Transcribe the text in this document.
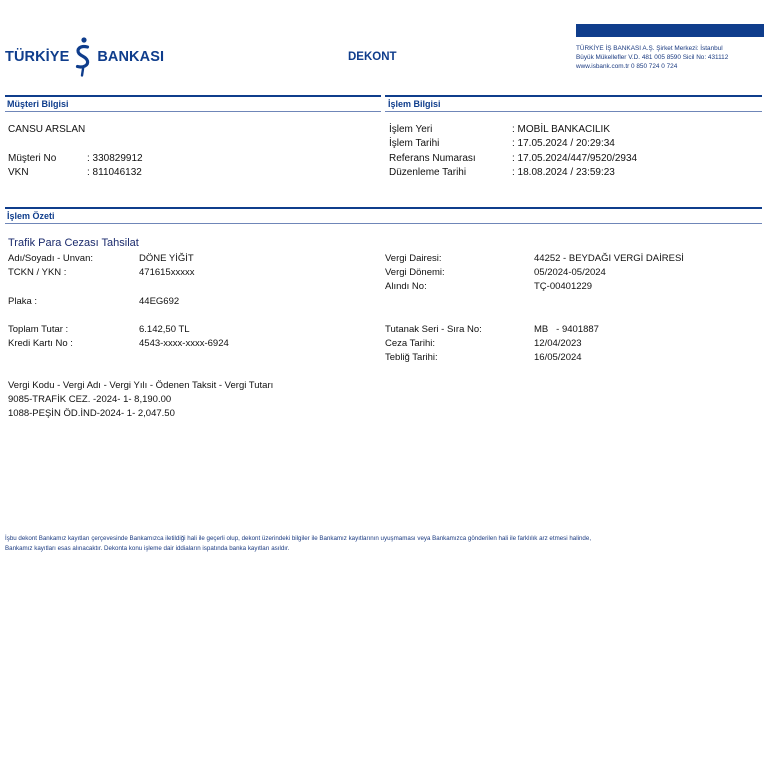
TÜRKİYE BANKASI	DEKONT
TÜRKİYE İŞ BANKASI A.Ş. Şirket Merkezi: İstanbul
Büyük Mükellefler V.D. 481 005 8590 Sicil No: 431112
www.isbank.com.tr 0 850 724 0 724
Müşteri Bilgisi
CANSU ARSLAN
Müşteri No	: 330829912
VKN	: 811046132
İşlem Bilgisi
İşlem Yeri	: MOBİL BANKACILIK
İşlem Tarihi	: 17.05.2024 / 20:29:34
Referans Numarası	: 17.05.2024/447/9520/2934
Düzenleme Tarihi	: 18.08.2024 / 23:59:23
İşlem Özeti
Trafik Para Cezası Tahsilat
Adı/Soyadı - Unvan:	DÖNE YİĞİT
TCKN / YKN :	471615xxxxx
Plaka :	44EG692
Toplam Tutar :	6.142,50 TL
Kredi Kartı No :	4543-xxxx-xxxx-6924
Vergi Dairesi:	44252 - BEYDAĞI VERGİ DAİRESİ
Vergi Dönemi:	05/2024-05/2024
Alındı No:	TÇ-00401229
Tutanak Seri - Sıra No:	MB   - 9401887
Ceza Tarihi:	12/04/2023
Tebliğ Tarihi:	16/05/2024
Vergi Kodu - Vergi Adı - Vergi Yılı - Ödenen Taksit - Vergi Tutarı
9085-TRAFİK CEZ. -2024- 1- 8,190.00
1088-PEŞİN ÖD.İND-2024- 1- 2,047.50
İşbu dekont Bankamız kayıtları çerçevesinde Bankamızca iletildiği hali ile geçerli olup, dekont üzerindeki bilgiler ile Bankamız kayıtlarının uyuşmaması veya Bankamızca gönderilen hali ile farklılık arz etmesi halinde,
Bankamız kayıtları esas alınacaktır. Dekonta konu işleme dair iddiaların ispatında banka kayıtları asıldır.
